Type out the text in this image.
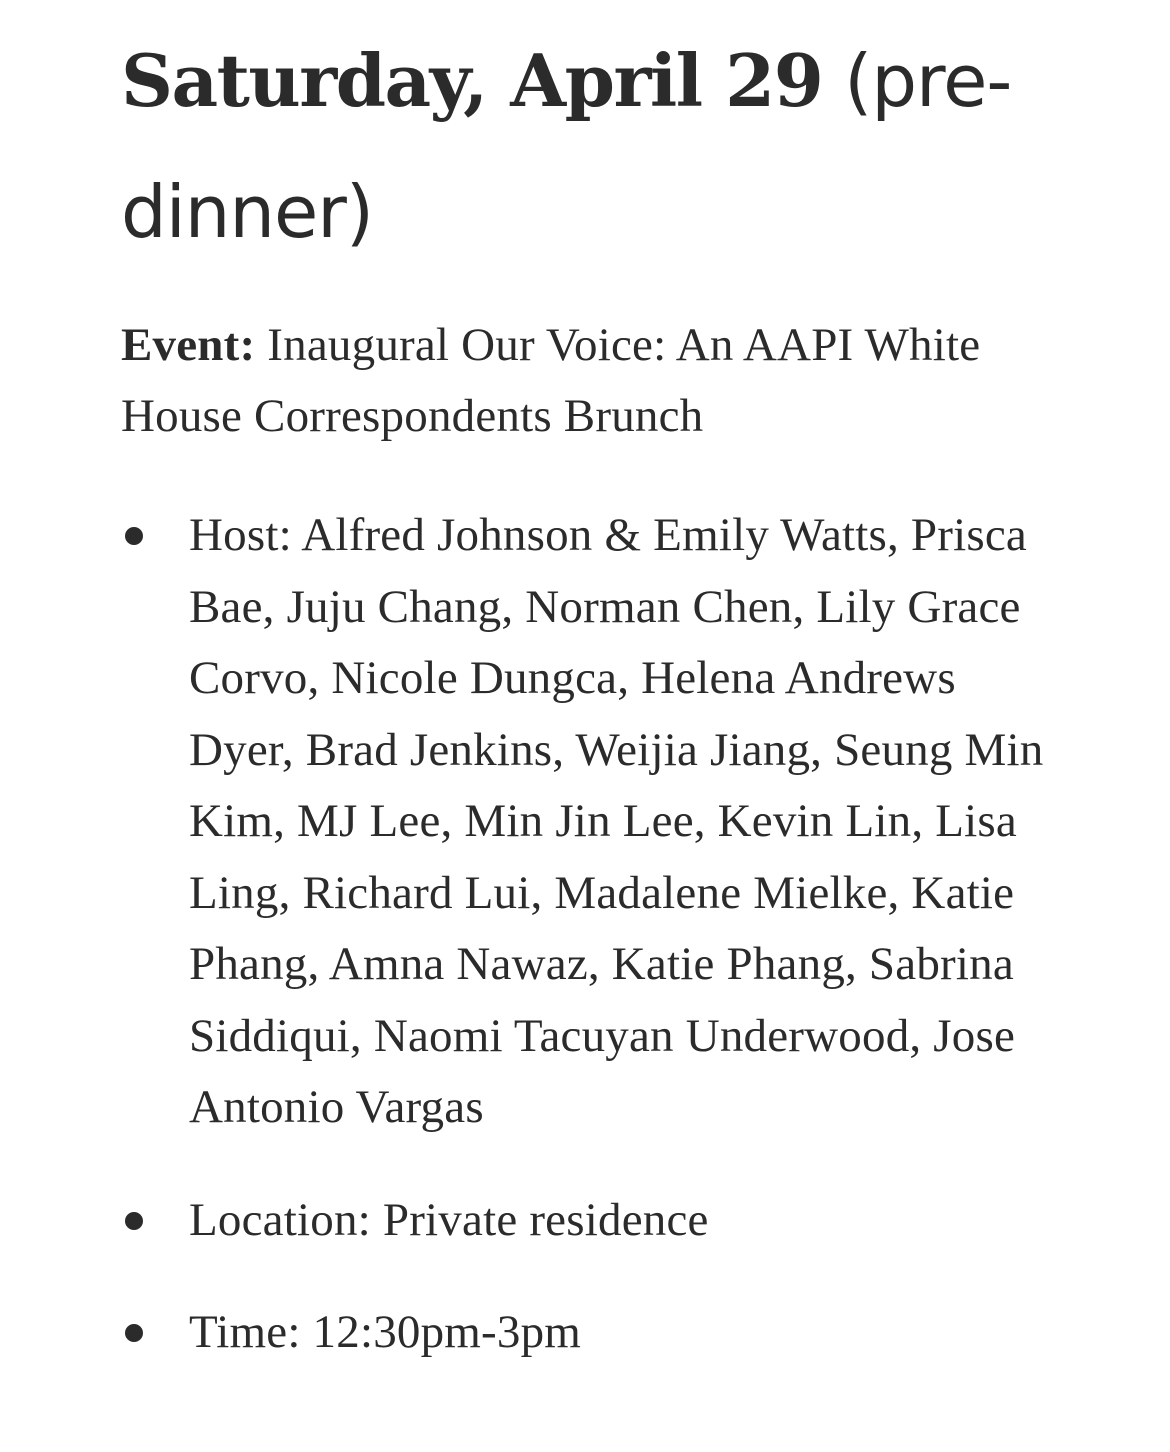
Saturday, April 29 (pre-dinner)

Event: Inaugural Our Voice: An AAPI White House Correspondents Brunch

Host: Alfred Johnson & Emily Watts, Prisca Bae, Juju Chang, Norman Chen, Lily Grace Corvo, Nicole Dungca, Helena Andrews Dyer, Brad Jenkins, Weijia Jiang, Seung Min Kim, MJ Lee, Min Jin Lee, Kevin Lin, Lisa Ling, Richard Lui, Madalene Mielke, Katie Phang, Amna Nawaz, Katie Phang, Sabrina Siddiqui, Naomi Tacuyan Underwood, Jose Antonio Vargas
Location: Private residence
Time: 12:30pm-3pm
